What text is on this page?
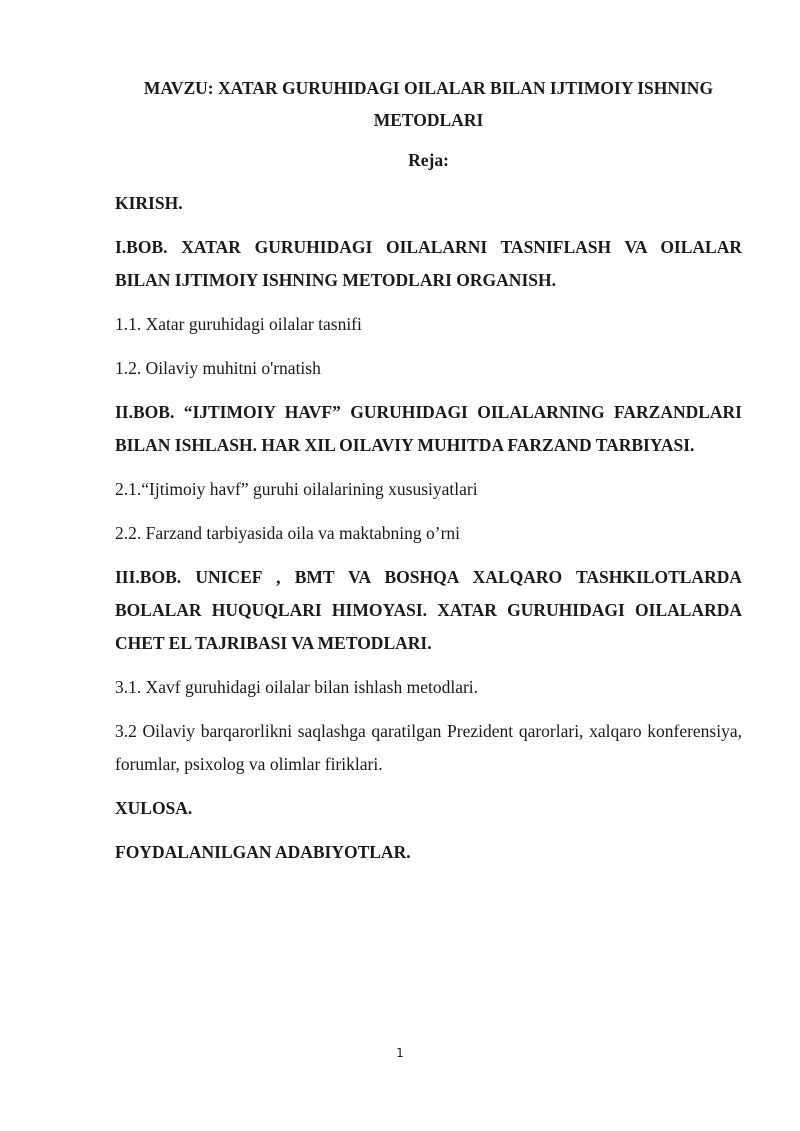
MAVZU: XATAR GURUHIDAGI OILALAR BILAN IJTIMOIY ISHNING METODLARI

Reja:

KIRISH.

I.BOB. XATAR GURUHIDAGI OILALARNI TASNIFLASH VA OILALAR BILAN IJTIMOIY ISHNING METODLARI ORGANISH.

1.1. Xatar guruhidagi oilalar tasnifi

1.2. Oilaviy muhitni o'rnatish

II.BOB. “IJTIMOIY HAVF” GURUHIDAGI OILALARNING FARZANDLARI BILAN ISHLASH. HAR XIL OILAVIY MUHITDA FARZAND TARBIYASI.

2.1.“Ijtimoiy havf” guruhi oilalarining xususiyatlari

2.2. Farzand tarbiyasida oila va maktabning o’rni

III.BOB. UNICEF , BMT VA BOSHQA XALQARO TASHKILOTLARDA BOLALAR HUQUQLARI HIMOYASI. XATAR GURUHIDAGI OILALARDA CHET EL TAJRIBASI VA METODLARI.

3.1. Xavf guruhidagi oilalar bilan ishlash metodlari.

3.2 Oilaviy barqarorlikni saqlashga qaratilgan Prezident qarorlari, xalqaro konferensiya, forumlar, psixolog va olimlar firiklari.

XULOSA.

FOYDALANILGAN ADABIYOTLAR.

1
